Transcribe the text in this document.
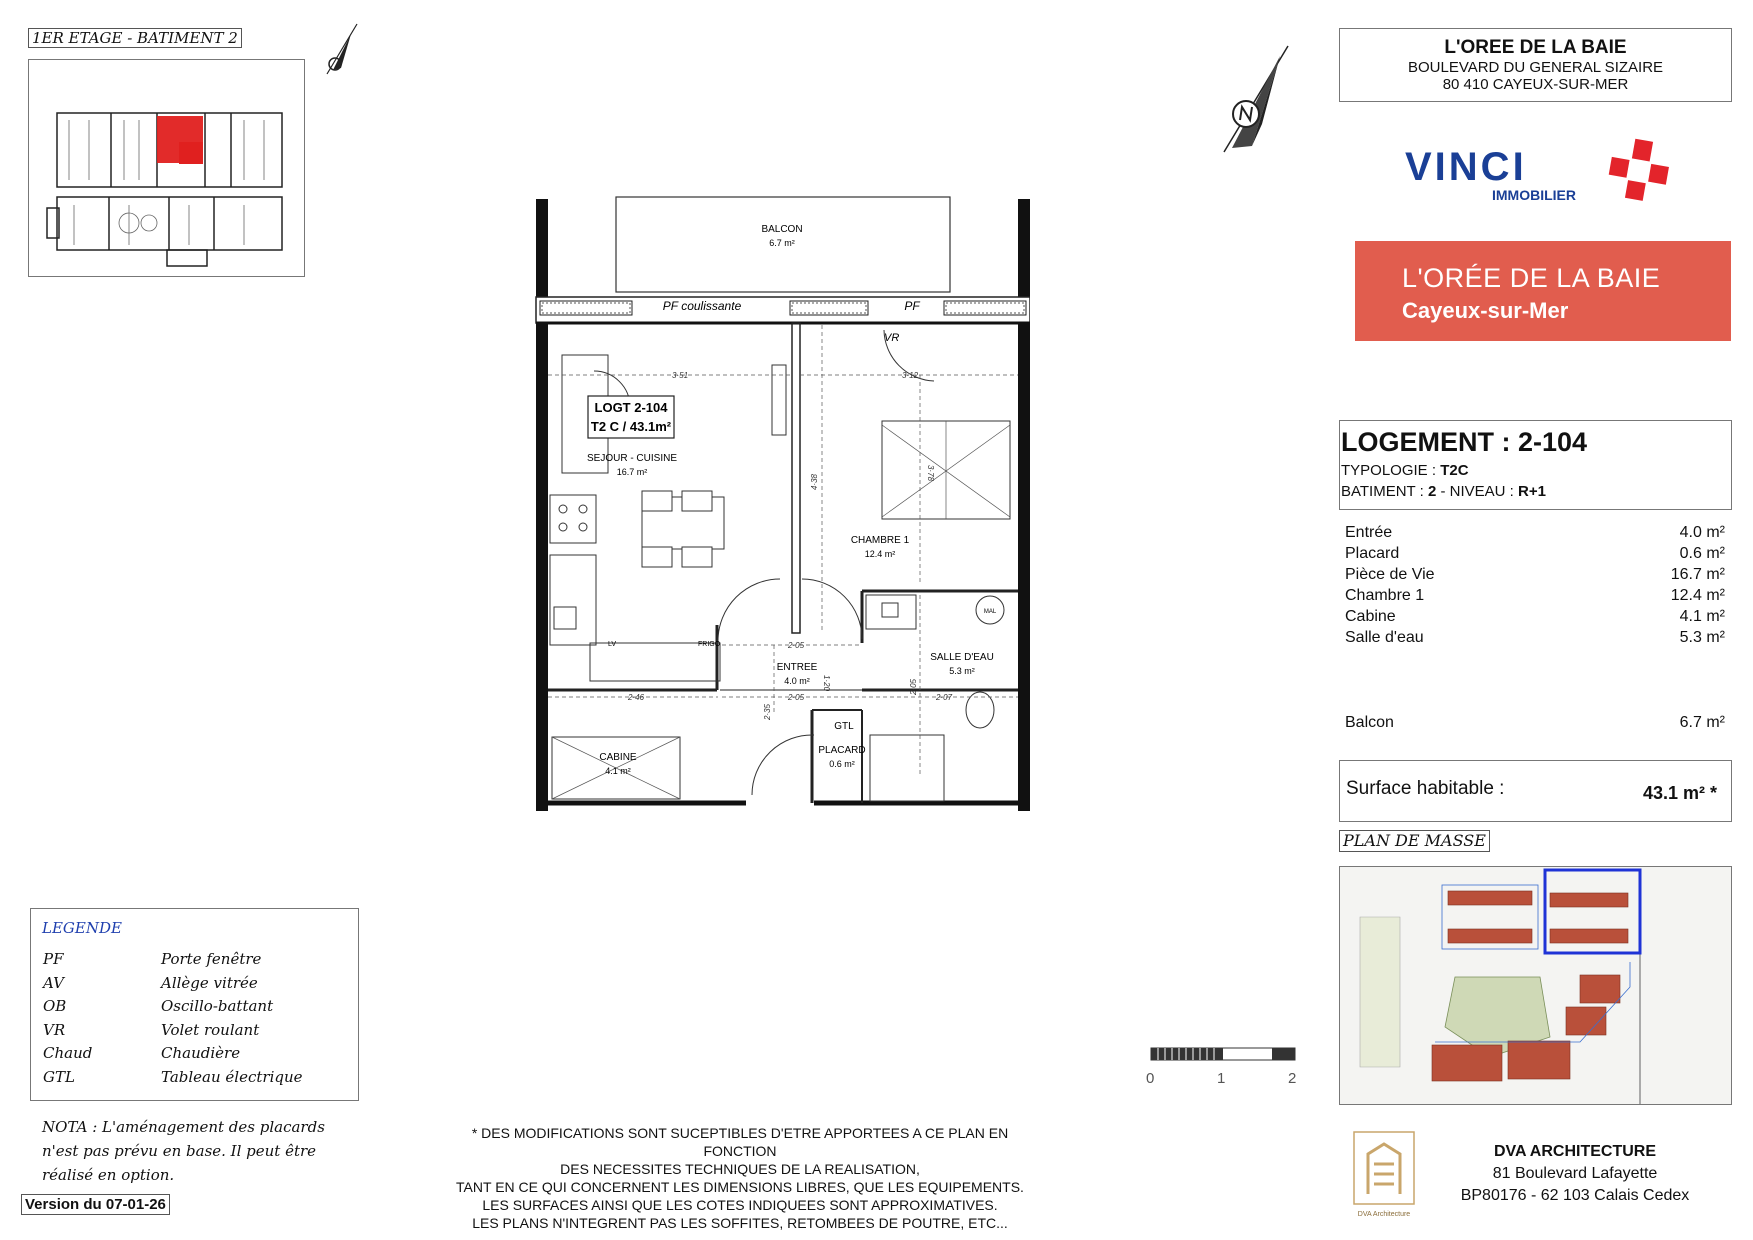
1ER ETAGE - BATIMENT 2
BALCON
6.7 m²
PF coulissante	PF
VR
LOGT 2-104
T2 C / 43.1m²
SEJOUR - CUISINE
16.7 m²
CHAMBRE 1
12.4 m²
ENTREE
4.0 m²
SALLE D'EAU
5.3 m²
CABINE
4.1 m²
PLACARD
0.6 m²
GTL
FRIGO
LV
MAL
3·51	3·12
4·38
3·78
2·05
2·46	2·05	2·07
2·35
1·20	2·05
L'OREE DE LA BAIE
BOULEVARD DU GENERAL SIZAIRE
80 410 CAYEUX-SUR-MER
VINCI
IMMOBILIER
L'ORÉE DE LA BAIE
Cayeux-sur-Mer
LOGEMENT : 2-104
TYPOLOGIE : T2C
BATIMENT : 2 - NIVEAU : R+1
Entrée	4.0 m²
Placard	0.6 m²
Pièce de Vie	16.7 m²
Chambre 1	12.4 m²
Cabine	4.1 m²
Salle d'eau	5.3 m²
Balcon	6.7 m²
Surface habitable :	43.1 m² *
PLAN DE MASSE
0	1	2
LEGENDE
PF	Porte fenêtre
AV	Allège vitrée
OB	Oscillo-battant
VR	Volet roulant
Chaud	Chaudière
GTL	Tableau électrique
NOTA : L'aménagement des placards n'est pas prévu en base. Il peut être réalisé en option.
Version du 07-01-26
* DES MODIFICATIONS SONT SUCEPTIBLES D'ETRE APPORTEES A CE PLAN EN FONCTION
DES NECESSITES TECHNIQUES DE LA REALISATION,
TANT EN CE QUI CONCERNENT LES DIMENSIONS LIBRES, QUE LES EQUIPEMENTS.
LES SURFACES AINSI QUE LES COTES INDIQUEES SONT APPROXIMATIVES.
LES PLANS N'INTEGRENT PAS LES SOFFITES, RETOMBEES DE POUTRE, ETC...
DVA Architecture
DVA ARCHITECTURE
81 Boulevard Lafayette
BP80176 - 62 103 Calais Cedex
